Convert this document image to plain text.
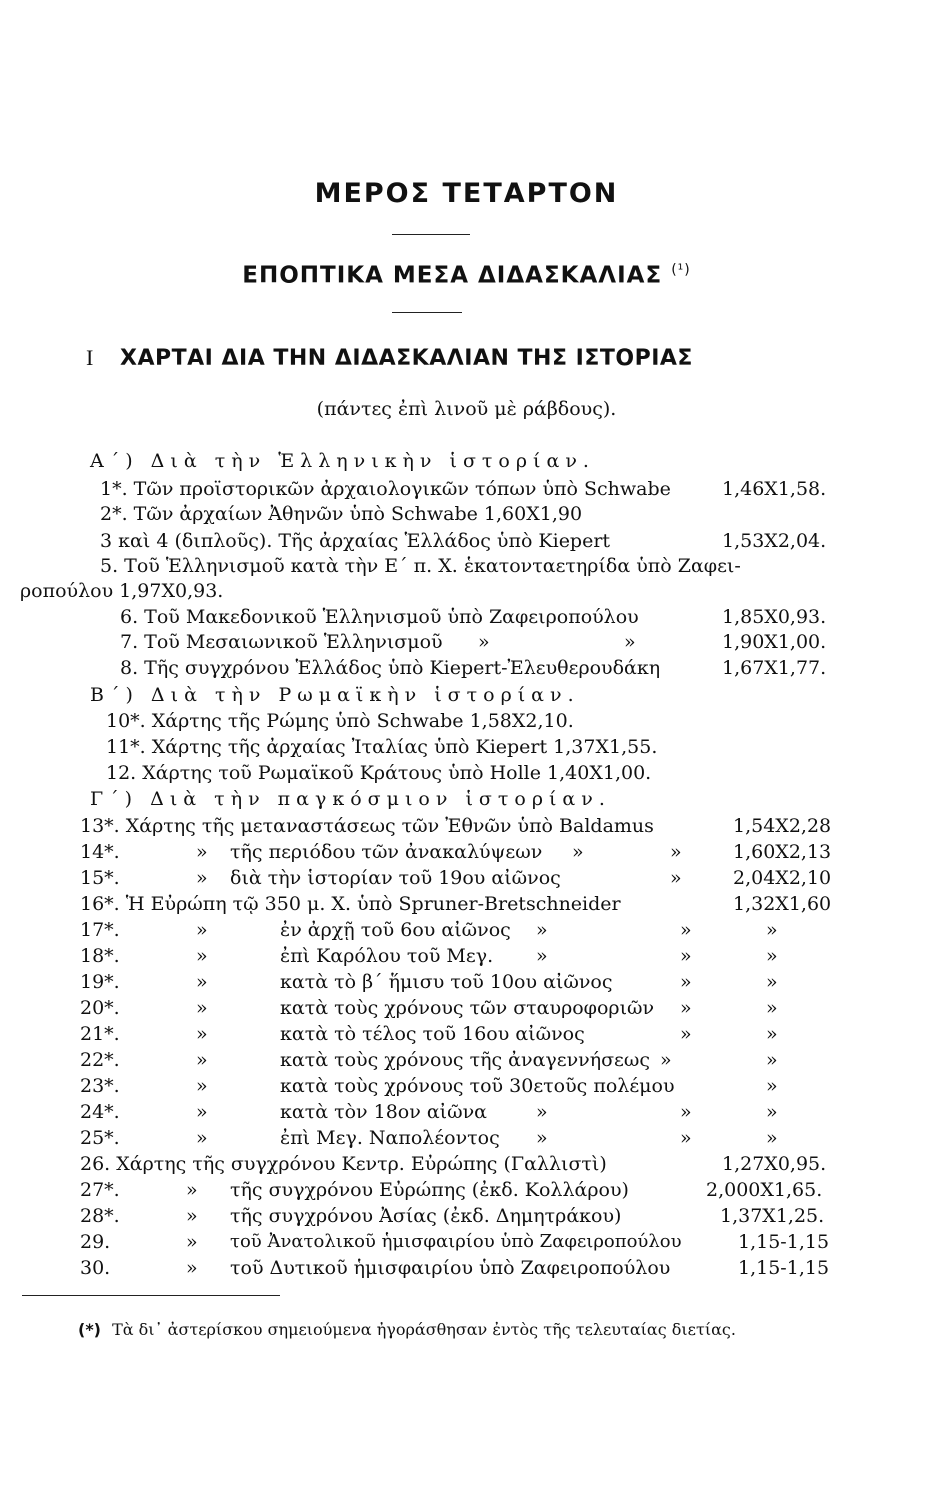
ΜΕΡΟΣ ΤΕΤΑΡΤΟΝ
ΕΠΟΠΤΙΚΑ ΜΕΣΑ ΔΙΔΑΣΚΑΛΙΑΣ $^{(^1)}$
I ΧΑΡΤΑΙ ΔΙΑ ΤΗΝ ΔΙΔΑΣΚΑΛΙΑΝ ΤΗΣ ΙΣΤΟΡΙΑΣ
(πάντες ἐπὶ λινοῦ μὲ ράβδους).
Α΄) Διὰ τὴν Ἑλληνικὴν ἱστορίαν.
1*. Τῶν προϊστορικῶν ἀρχαιολογικῶν τόπων ὑπὸ Schwabe	1,46X1,58.
2*. Τῶν ἀρχαίων Ἀθηνῶν ὑπὸ Schwabe 1,60X1,90
3 καὶ 4 (διπλοῦς). Τῆς ἀρχαίας Ἑλλάδος ὑπὸ Kiepert	1,53X2,04.
5. Τοῦ Ἑλληνισμοῦ κατὰ τὴν Ε΄ π. Χ. ἑκατονταετηρίδα ὑπὸ Ζαφει-
ροπούλου 1,97X0,93.
6. Τοῦ Μακεδονικοῦ Ἑλληνισμοῦ ὑπὸ Ζαφειροπούλου	1,85X0,93.
7. Τοῦ Μεσαιωνικοῦ Ἑλληνισμοῦ »	»	1,90X1,00.
8. Τῆς συγχρόνου Ἑλλάδος ὑπὸ Kiepert-Ἐλευθερουδάκη	1,67X1,77.
Β΄) Διὰ τὴν Ρωμαϊκὴν ἱστορίαν.
10*. Χάρτης τῆς Ρώμης ὑπὸ Schwabe 1,58X2,10.
11*. Χάρτης τῆς ἀρχαίας Ἰταλίας ὑπὸ Kiepert 1,37X1,55.
12. Χάρτης τοῦ Ρωμαϊκοῦ Κράτους ὑπὸ Holle 1,40X1,00.
Γ΄) Διὰ τὴν παγκόσμιον ἱστορίαν.
13*. Χάρτης τῆς μεταναστάσεως τῶν Ἐθνῶν ὑπὸ Baldamus	1,54X2,28
14*.	» τῆς περιόδου τῶν ἀνακαλύψεων »	»	1,60X2,13
15*.	» διὰ τὴν ἱστορίαν τοῦ 19ου αἰῶνος	»	2,04X2,10
16*. Ἡ Εὐρώπη τῷ 350 μ. Χ. ὑπὸ Spruner-Bretschneider	1,32X1,60
17*.	»	ἐν ἀρχῇ τοῦ 6ου αἰῶνος »	»	»
18*.	»	ἐπὶ Καρόλου τοῦ Μεγ. »	»	»
19*.	»	κατὰ τὸ β΄ ἥμισυ τοῦ 10ου αἰῶνος	»	»
20*.	»	κατὰ τοὺς χρόνους τῶν σταυροφοριῶν »	»
21*.	»	κατὰ τὸ τέλος τοῦ 16ου αἰῶνος	»	»
22*.	»	κατὰ τοὺς χρόνους τῆς ἀναγεννήσεως »	»
23*.	»	κατὰ τοὺς χρόνους τοῦ 30ετοῦς πολέμου	»
24*.	»	κατὰ τὸν 18ον αἰῶνα	»	»	»
25*.	»	ἐπὶ Μεγ. Ναπολέοντος »	»	»
26. Χάρτης τῆς συγχρόνου Κεντρ. Εὐρώπης (Γαλλιστὶ)	1,27X0,95.
27*.	» τῆς συγχρόνου Εὐρώπης (ἐκδ. Κολλάρου)	2,000X1,65.
28*.	» τῆς συγχρόνου Ἀσίας (ἐκδ. Δημητράκου)	1,37X1,25.
29.	» τοῦ Ἀνατολικοῦ ἡμισφαιρίου ὑπὸ Ζαφειροπούλου	1,15-1,15
30.	» τοῦ Δυτικοῦ ἡμισφαιρίου ὑπὸ Ζαφειροπούλου	1,15-1,15
(*) Τὰ δι᾽ ἀστερίσκου σημειούμενα ἠγοράσθησαν ἐντὸς τῆς τελευταίας διετίας.
